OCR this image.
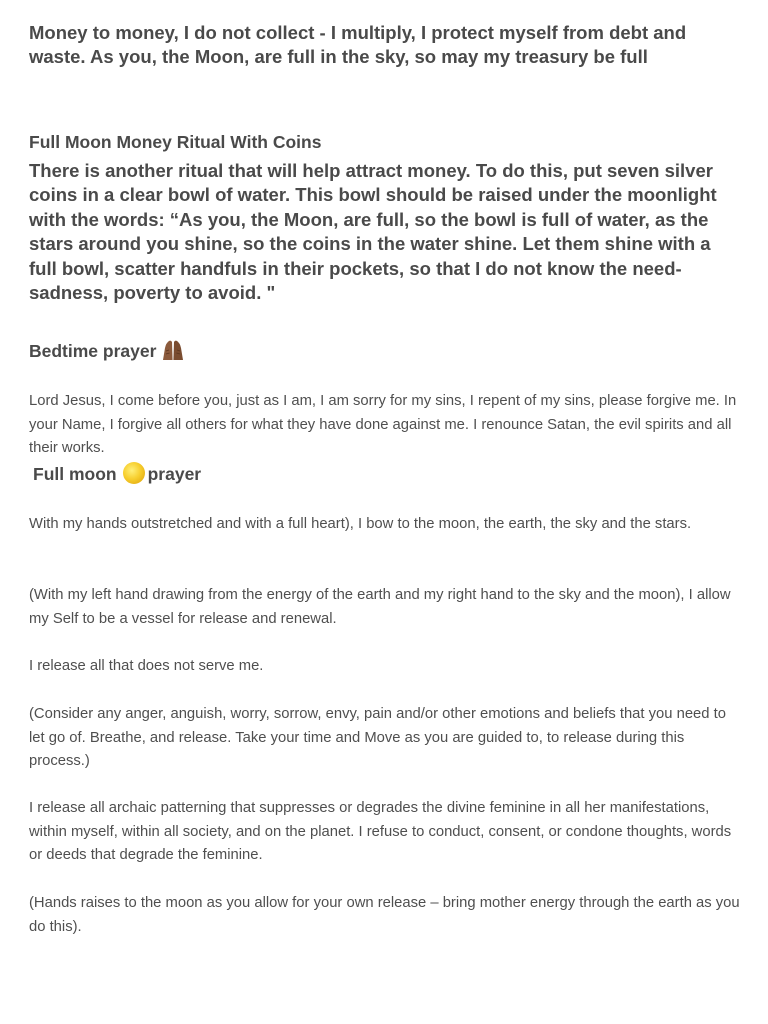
Money to money, I do not collect - I multiply, I protect myself from debt and waste. As you, the Moon, are full in the sky, so may my treasury be full

Full Moon Money Ritual With Coins

There is another ritual that will help attract money. To do this, put seven silver coins in a clear bowl of water. This bowl should be raised under the moonlight with the words: “As you, the Moon, are full, so the bowl is full of water, as the stars around you shine, so the coins in the water shine. Let them shine with a full bowl, scatter handfuls in their pockets, so that I do not know the need-sadness, poverty to avoid. "

Bedtime prayer

Lord Jesus, I come before you, just as I am, I am sorry for my sins, I repent of my sins, please forgive me. In your Name, I forgive all others for what they have done against me. I renounce Satan, the evil spirits and all their works.

Full moon prayer

With my hands outstretched and with a full heart), I bow to the moon, the earth, the sky and the stars.

(With my left hand drawing from the energy of the earth and my right hand to the sky and the moon), I allow my Self to be a vessel for release and renewal.

I release all that does not serve me.

(Consider any anger, anguish, worry, sorrow, envy, pain and/or other emotions and beliefs that you need to let go of. Breathe, and release. Take your time and Move as you are guided to, to release during this process.)

I release all archaic patterning that suppresses or degrades the divine feminine in all her manifestations, within myself, within all society, and on the planet. I refuse to conduct, consent, or condone thoughts, words or deeds that degrade the feminine.

(Hands raises to the moon as you allow for your own release – bring mother energy through the earth as you do this).
